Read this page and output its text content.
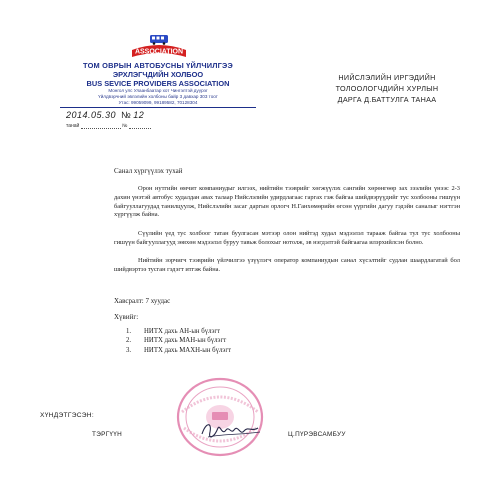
ASSOCIATION
ТОМ ОВРЫН АВТОБУСНЫ ҮЙЛЧИЛГЭЭ
ЭРХЛЭГЧДИЙН ХОЛБОО
BUS SEVICE PROVIDERS ASSOCIATION
Монгол улс Улаанбаатар хот Чингэлтэй дүүрэг
Үйлдвэрчний эвлэлийн холбоны байр 3 давхар 303 тоот
Утас: 99059099, 99189582, 70128304
2014.05.30 № 12
танай	№
НИЙСЛЭЛИЙН ИРГЭДИЙН
ТОЛООЛОГЧДИЙН ХУРЛЫН
ДАРГА Д.БАТТУЛГА ТАНАА
Санал хүргүүлэх тухай

Орон нутгийн өмчит компаниудыг илгээх, нийтийн тээврийг хөгжүүлэх сангийн хөрөнгөөр зах зээлийн үнээс 2-3 дахин үнэтэй автобус худалдан авах талаар Нийслэлийн удирдлагаас гаргах гэж байгаа шийдвэрүүдийг тус холбооны гишүүн байгууллагуудад танилцуулж, Нийслэлийн засаг даргын орлогч Н.Ганхөмөрийн өгсөн үүргийн дагуу гэдэйн саналыг нэгтгэн хүргүүлж байна.

Сүүлийн үед тус холбоог татан буулгасан мэтээр олон нийтэд худал мэдээлэл тарааж байгаа тул тус холбооны гишүүн байгууллагууд зөвхөн мэдээлэл буруу тавьж болохыг нотолж, эв нэгдэлтэй байгаагаа илэрхийлсэн болно.

Нийтийн зорчигч тээврийн үйлчилгээ үзүүлэгч оператор компаниудын санал хүсэлтийг судлан шаардлагатай бол шийдвэртээ тусган гэдэгт итгэж байна.

Хавсралт: 7 хуудас
Хүвийг:
1. НИТХ дахь АН-ын бүлэгт
2. НИТХ дахь МАН-ын бүлэгт
3. НИТХ дахь МАХН-ын бүлэгт
ХҮНДЭТГЭСЭН:
ТЭРГҮҮН	Ц.ПҮРЭВСАМБУУ
